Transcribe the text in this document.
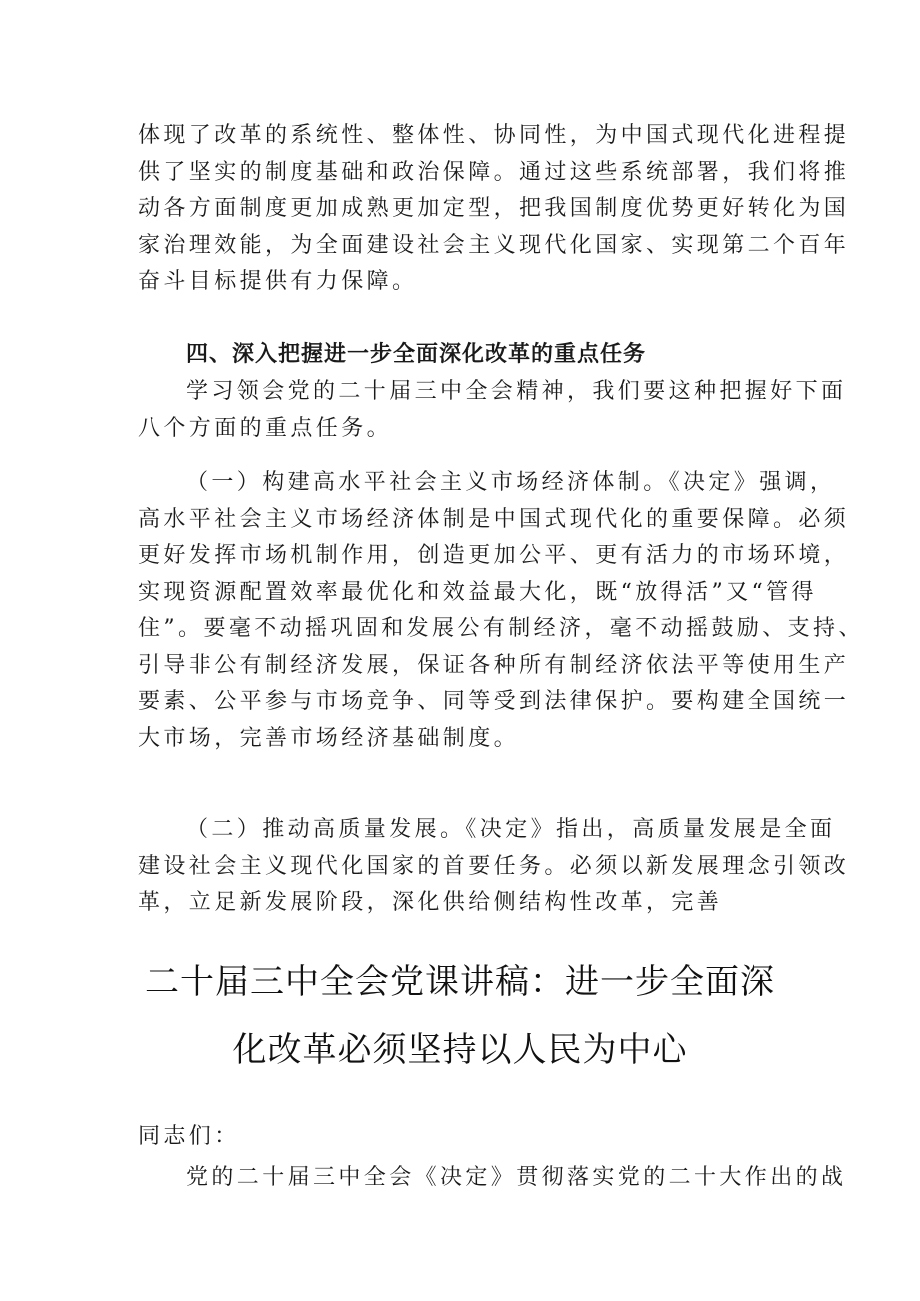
体现了改革的系统性、整体性、协同性，为中国式现代化进程提
供了坚实的制度基础和政治保障。通过这些系统部署，我们将推
动各方面制度更加成熟更加定型，把我国制度优势更好转化为国
家治理效能，为全面建设社会主义现代化国家、实现第二个百年
奋斗目标提供有力保障。
四、深入把握进一步全面深化改革的重点任务
学习领会党的二十届三中全会精神，我们要这种把握好下面
八个方面的重点任务。
（一）构建高水平社会主义市场经济体制。《决定》强调，
高水平社会主义市场经济体制是中国式现代化的重要保障。必须
更好发挥市场机制作用，创造更加公平、更有活力的市场环境，
实现资源配置效率最优化和效益最大化，既“放得活”又“管得
住”。要毫不动摇巩固和发展公有制经济，毫不动摇鼓励、支持、
引导非公有制经济发展，保证各种所有制经济依法平等使用生产
要素、公平参与市场竞争、同等受到法律保护。要构建全国统一
大市场，完善市场经济基础制度。
（二）推动高质量发展。《决定》指出，高质量发展是全面
建设社会主义现代化国家的首要任务。必须以新发展理念引领改
革，立足新发展阶段，深化供给侧结构性改革，完善
二十届三中全会党课讲稿：进一步全面深
化改革必须坚持以人民为中心
同志们：
党的二十届三中全会《决定》贯彻落实党的二十大作出的战
